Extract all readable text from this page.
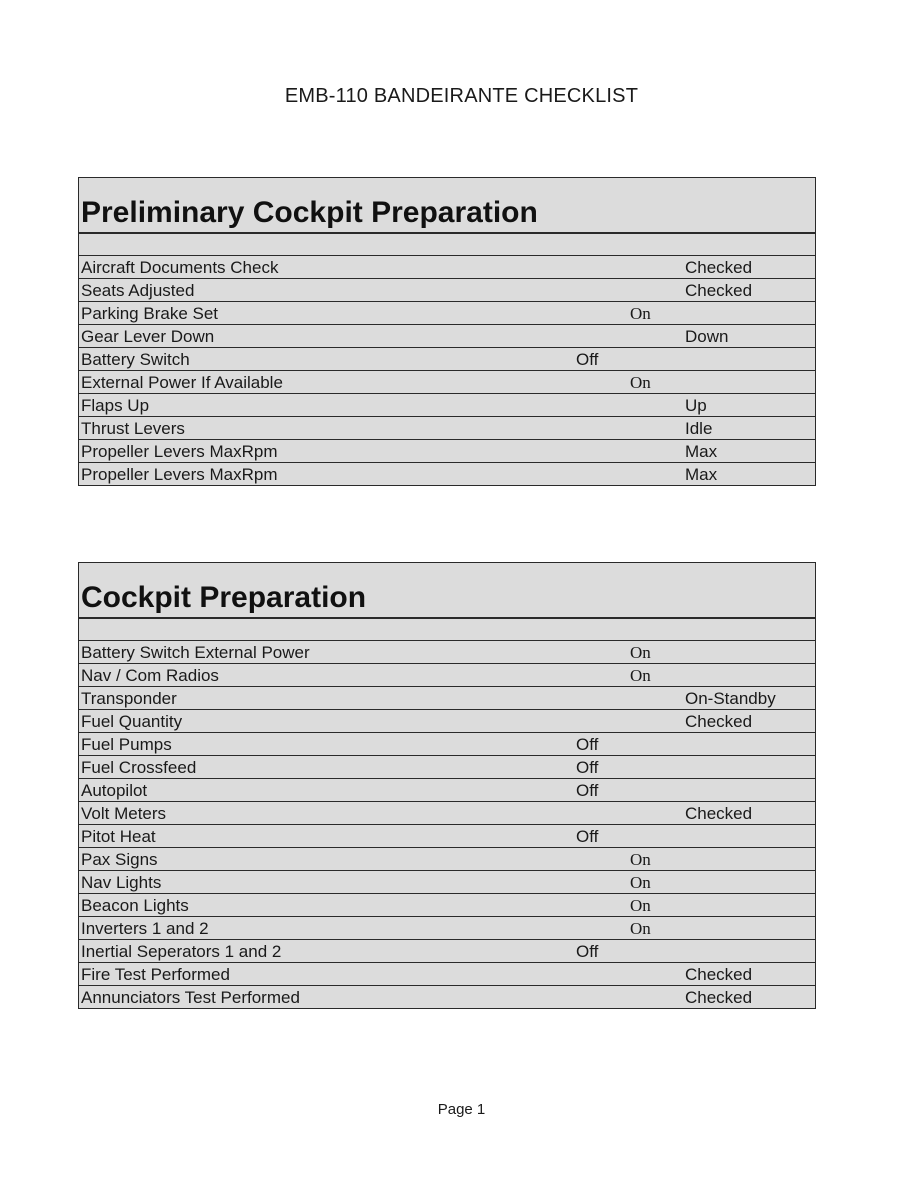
EMB-110 BANDEIRANTE CHECKLIST
Preliminary Cockpit Preparation
Aircraft Documents Check	Checked
Seats Adjusted	Checked
Parking Brake Set	On
Gear Lever Down	Down
Battery Switch	Off
External Power If Available	On
Flaps Up	Up
Thrust Levers	Idle
Propeller Levers MaxRpm	Max
Propeller Levers MaxRpm	Max
Cockpit Preparation
Battery Switch External Power	On
Nav / Com Radios	On
Transponder	On-Standby
Fuel Quantity	Checked
Fuel Pumps	Off
Fuel Crossfeed	Off
Autopilot	Off
Volt Meters	Checked
Pitot Heat	Off
Pax Signs	On
Nav Lights	On
Beacon Lights	On
Inverters 1 and 2	On
Inertial Seperators 1 and 2	Off
Fire Test Performed	Checked
Annunciators Test Performed	Checked
Page 1
